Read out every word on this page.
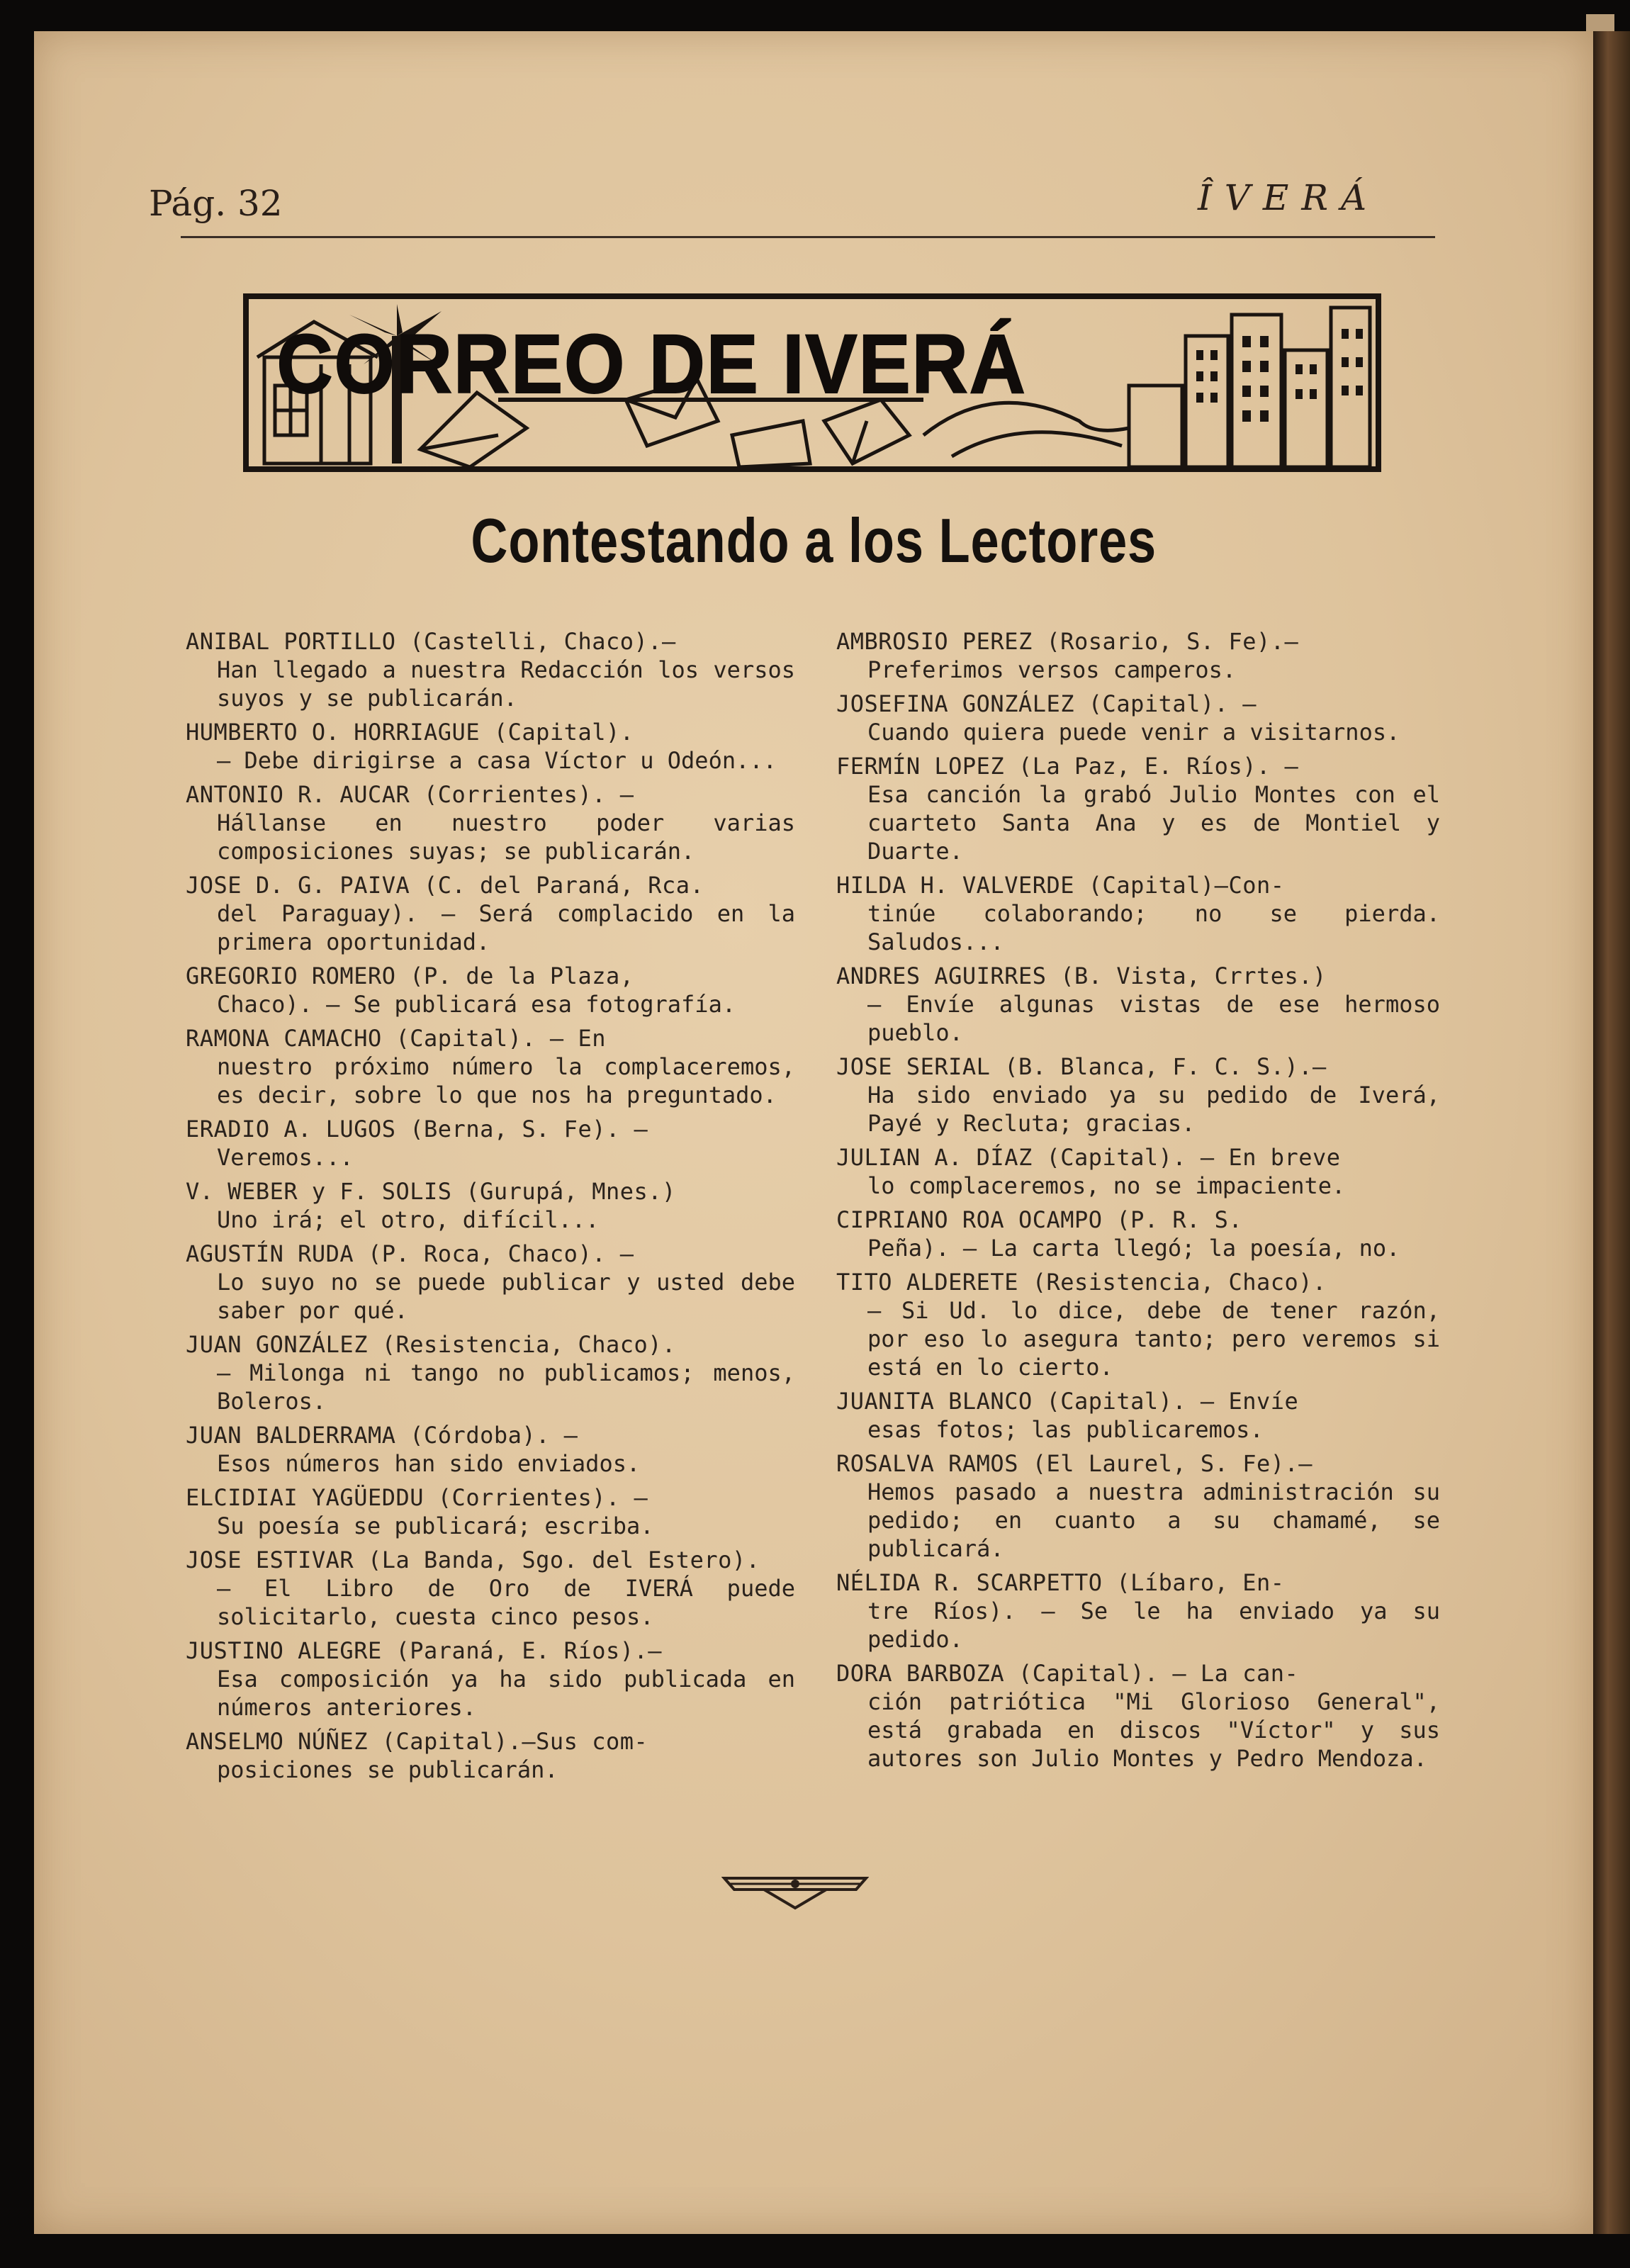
Pág. 32	ÎVERÁ
CORREO DE IVERÁ
Contestando a los Lectores
ANIBAL PORTILLO (Castelli, Chaco).—
Han llegado a nuestra Redacción los versos suyos y se publicarán.
HUMBERTO O. HORRIAGUE (Capital).
— Debe dirigirse a casa Víctor u Odeón...
ANTONIO R. AUCAR (Corrientes). —
Hállanse en nuestro poder varias composiciones suyas; se publicarán.
JOSE D. G. PAIVA (C. del Paraná, Rca.
del Paraguay). — Será complacido en la primera oportunidad.
GREGORIO ROMERO (P. de la Plaza,
Chaco). — Se publicará esa fotografía.
RAMONA CAMACHO (Capital). — En
nuestro próximo número la complaceremos, es decir, sobre lo que nos ha preguntado.
ERADIO A. LUGOS (Berna, S. Fe). —
Veremos...
V. WEBER y F. SOLIS (Gurupá, Mnes.)
Uno irá; el otro, difícil...
AGUSTÍN RUDA (P. Roca, Chaco). —
Lo suyo no se puede publicar y usted debe saber por qué.
JUAN GONZÁLEZ (Resistencia, Chaco).
— Milonga ni tango no publicamos; menos, Boleros.
JUAN BALDERRAMA (Córdoba). —
Esos números han sido enviados.
ELCIDIAI YAGÜEDDU (Corrientes). —
Su poesía se publicará; escriba.
JOSE ESTIVAR (La Banda, Sgo. del Estero).
— El Libro de Oro de IVERÁ puede solicitarlo, cuesta cinco pesos.
JUSTINO ALEGRE (Paraná, E. Ríos).—
Esa composición ya ha sido publicada en números anteriores.
ANSELMO NÚÑEZ (Capital).—Sus com-
posiciones se publicarán.
AMBROSIO PEREZ (Rosario, S. Fe).—
Preferimos versos camperos.
JOSEFINA GONZÁLEZ (Capital). —
Cuando quiera puede venir a visitarnos.
FERMÍN LOPEZ (La Paz, E. Ríos). —
Esa canción la grabó Julio Montes con el cuarteto Santa Ana y es de Montiel y Duarte.
HILDA H. VALVERDE (Capital)—Con-
tinúe colaborando; no se pierda. Saludos...
ANDRES AGUIRRES (B. Vista, Crrtes.)
— Envíe algunas vistas de ese hermoso pueblo.
JOSE SERIAL (B. Blanca, F. C. S.).—
Ha sido enviado ya su pedido de Iverá, Payé y Recluta; gracias.
JULIAN A. DÍAZ (Capital). — En breve
lo complaceremos, no se impaciente.
CIPRIANO ROA OCAMPO (P. R. S.
Peña). — La carta llegó; la poesía, no.
TITO ALDERETE (Resistencia, Chaco).
— Si Ud. lo dice, debe de tener razón, por eso lo asegura tanto; pero veremos si está en lo cierto.
JUANITA BLANCO (Capital). — Envíe
esas fotos; las publicaremos.
ROSALVA RAMOS (El Laurel, S. Fe).—
Hemos pasado a nuestra administración su pedido; en cuanto a su chamamé, se publicará.
NÉLIDA R. SCARPETTO (Líbaro, En-
tre Ríos). — Se le ha enviado ya su pedido.
DORA BARBOZA (Capital). — La can-
ción patriótica "Mi Glorioso General", está grabada en discos "Víctor" y sus autores son Julio Montes y Pedro Mendoza.
